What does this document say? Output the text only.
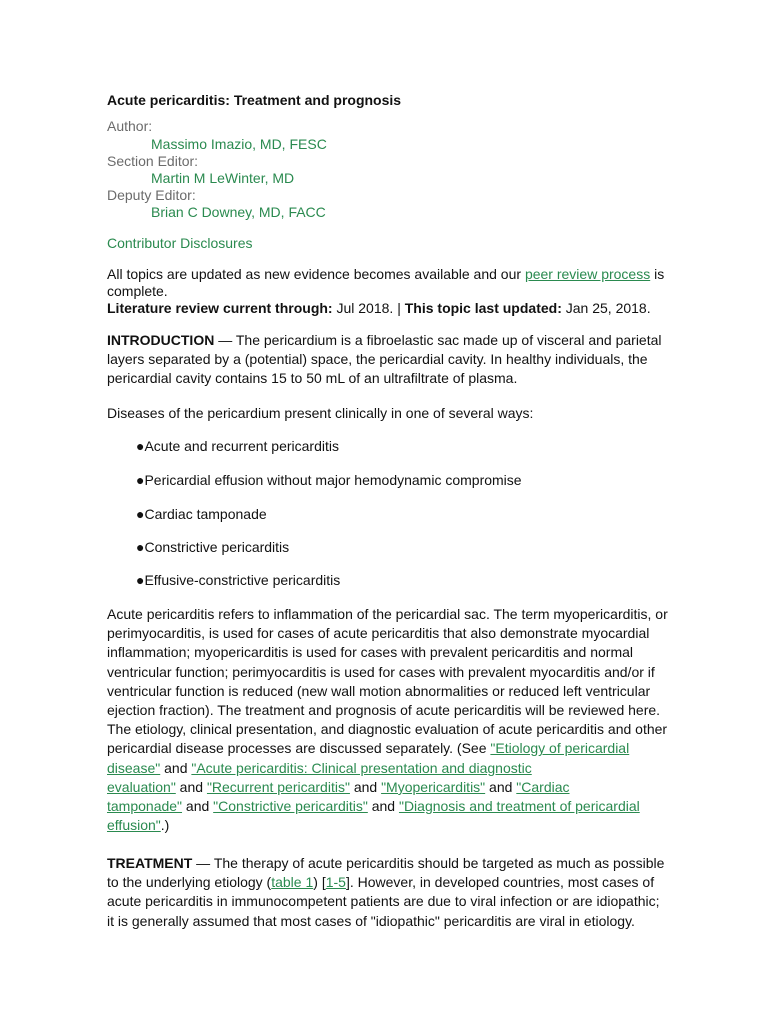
Acute pericarditis: Treatment and prognosis
Author:
Massimo Imazio, MD, FESC
Section Editor:
Martin M LeWinter, MD
Deputy Editor:
Brian C Downey, MD, FACC
Contributor Disclosures
All topics are updated as new evidence becomes available and our peer review process is
complete.
Literature review current through: Jul 2018. | This topic last updated: Jan 25, 2018.
INTRODUCTION — The pericardium is a fibroelastic sac made up of visceral and parietal
layers separated by a (potential) space, the pericardial cavity. In healthy individuals, the
pericardial cavity contains 15 to 50 mL of an ultrafiltrate of plasma.
Diseases of the pericardium present clinically in one of several ways:
●Acute and recurrent pericarditis
●Pericardial effusion without major hemodynamic compromise
●Cardiac tamponade
●Constrictive pericarditis
●Effusive-constrictive pericarditis
Acute pericarditis refers to inflammation of the pericardial sac. The term myopericarditis, or
perimyocarditis, is used for cases of acute pericarditis that also demonstrate myocardial
inflammation; myopericarditis is used for cases with prevalent pericarditis and normal
ventricular function; perimyocarditis is used for cases with prevalent myocarditis and/or if
ventricular function is reduced (new wall motion abnormalities or reduced left ventricular
ejection fraction). The treatment and prognosis of acute pericarditis will be reviewed here.
The etiology, clinical presentation, and diagnostic evaluation of acute pericarditis and other
pericardial disease processes are discussed separately. (See "Etiology of pericardial
disease" and "Acute pericarditis: Clinical presentation and diagnostic
evaluation" and "Recurrent pericarditis" and "Myopericarditis" and "Cardiac
tamponade" and "Constrictive pericarditis" and "Diagnosis and treatment of pericardial
effusion".)
TREATMENT — The therapy of acute pericarditis should be targeted as much as possible
to the underlying etiology (table 1) [1-5]. However, in developed countries, most cases of
acute pericarditis in immunocompetent patients are due to viral infection or are idiopathic;
it is generally assumed that most cases of "idiopathic" pericarditis are viral in etiology.
